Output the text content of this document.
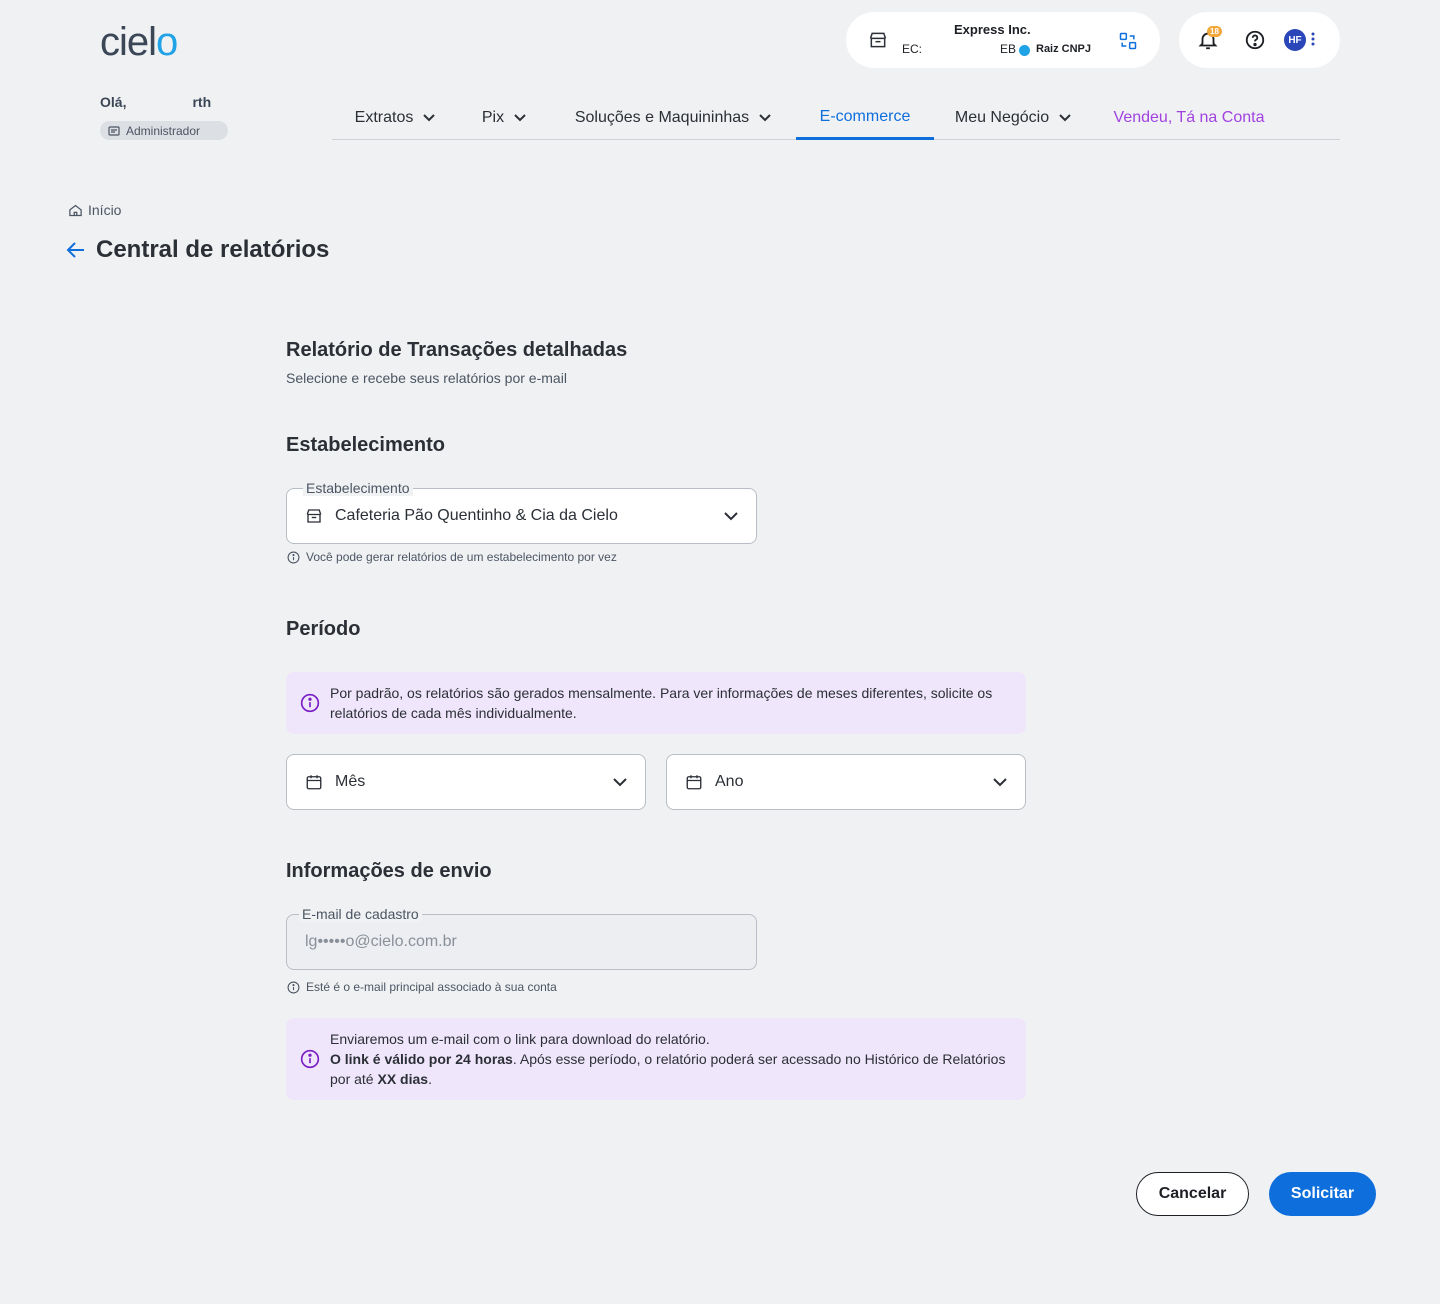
cielo	Express Inc.
EC:	EB Raiz CNPJ
18
HF
Olá,	rth
Administrador
Extratos	Pix	Soluções e Maquininhas	E-commerce	Meu Negócio	Vendeu, Tá na Conta
Início
Central de relatórios
Relatório de Transações detalhadas
Selecione e recebe seus relatórios por e-mail
Estabelecimento
Cafeteria Pão Quentinho & Cia da Cielo
Estabelecimento
Você pode gerar relatórios de um estabelecimento por vez
Período
Por padrão, os relatórios são gerados mensalmente. Para ver informações de meses diferentes, solicite os relatórios de cada mês individualmente.
Mês	Ano
Informações de envio
lg•••••o@cielo.com.br
E-mail de cadastro
Esté é o e-mail principal associado à sua conta
Enviaremos um e-mail com o link para download do relatório.
O link é válido por 24 horas. Após esse período, o relatório poderá ser acessado no Histórico de Relatórios por até XX dias.
Cancelar	Solicitar
